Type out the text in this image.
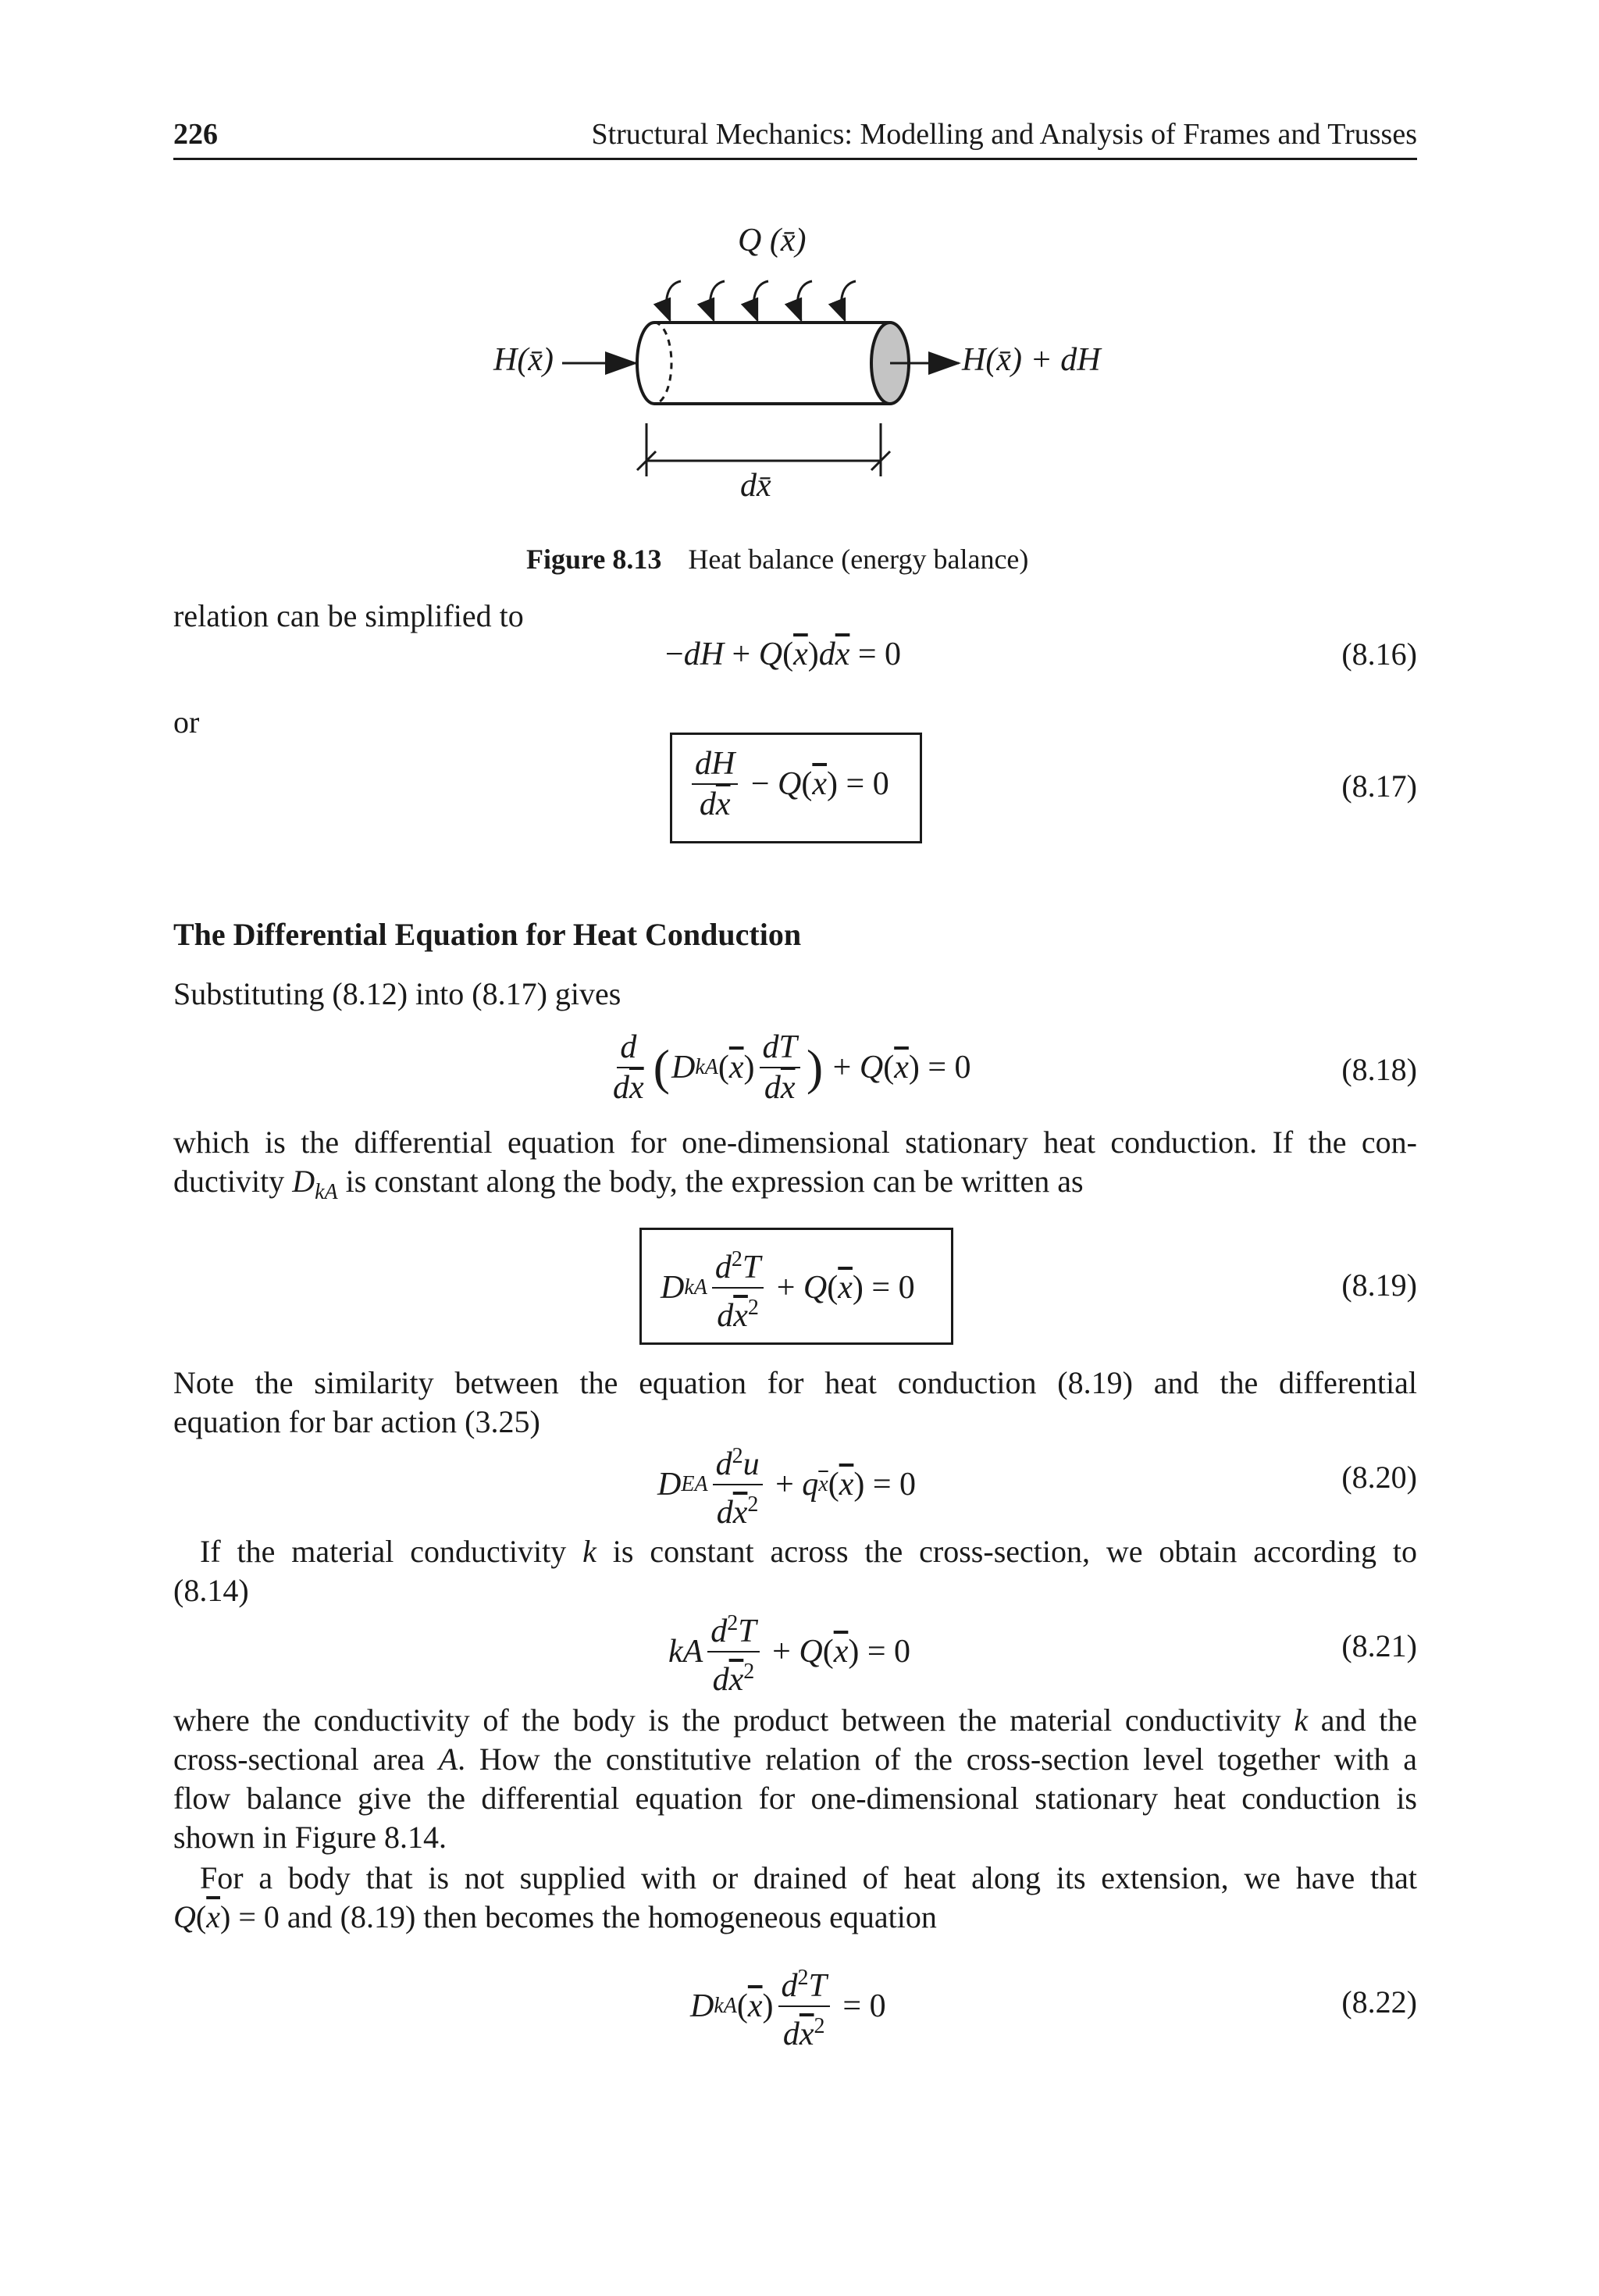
226	Structural Mechanics: Modelling and Analysis of Frames and Trusses
Q (x̄)
H(x̄)	H(x̄) + dH
dx̄
Figure 8.13 Heat balance (energy balance)
relation can be simplified to
− dH + Q ( $\overline{x}$ ) d $\overline{x} = 0$	(8.16)
or
$\frac{dH}{d\overline{x}} - Q$ ( $\overline{x}$ ) = 0	(8.17)
The Differential Equation for Heat Conduction
Substituting (8.12) into (8.17) gives
$\frac{d}{d\overline{x}}$ ( D kA ( $\overline{x}$ ) $\frac{dT}{d\overline{x}}$ ) + Q ( $\overline{x}$ ) = 0	(8.18)
which is the differential equation for one-dimensional stationary heat conduction. If the con-
ductivity $D_{kA}$ is constant along the body, the expression can be written as
D kA $\frac{d^2T}{d\overline{x}^2} + Q$ ( $\overline{x}$ ) = 0	(8.19)
Note the similarity between the equation for heat conduction (8.19) and the differential
equation for bar action (3.25)
D EA $\frac{d^2u}{d\overline{x}^2} + q$ $\overline{x}$ ( $\overline{x}$ ) = 0	(8.20)
If the material conductivity k is constant across the cross-section, we obtain according to
(8.14)
kA $\frac{d^2T}{d\overline{x}^2} + Q$ ( $\overline{x}$ ) = 0	(8.21)
where the conductivity of the body is the product between the material conductivity k and the
cross-sectional area A. How the constitutive relation of the cross-section level together with a
flow balance give the differential equation for one-dimensional stationary heat conduction is
shown in Figure 8.14.
For a body that is not supplied with or drained of heat along its extension, we have that
$Q(\overline{x}) = 0$ and (8.19) then becomes the homogeneous equation
D kA ( $\overline{x}$ ) $\frac{d^2T}{d\overline{x}^2} = 0$	(8.22)
